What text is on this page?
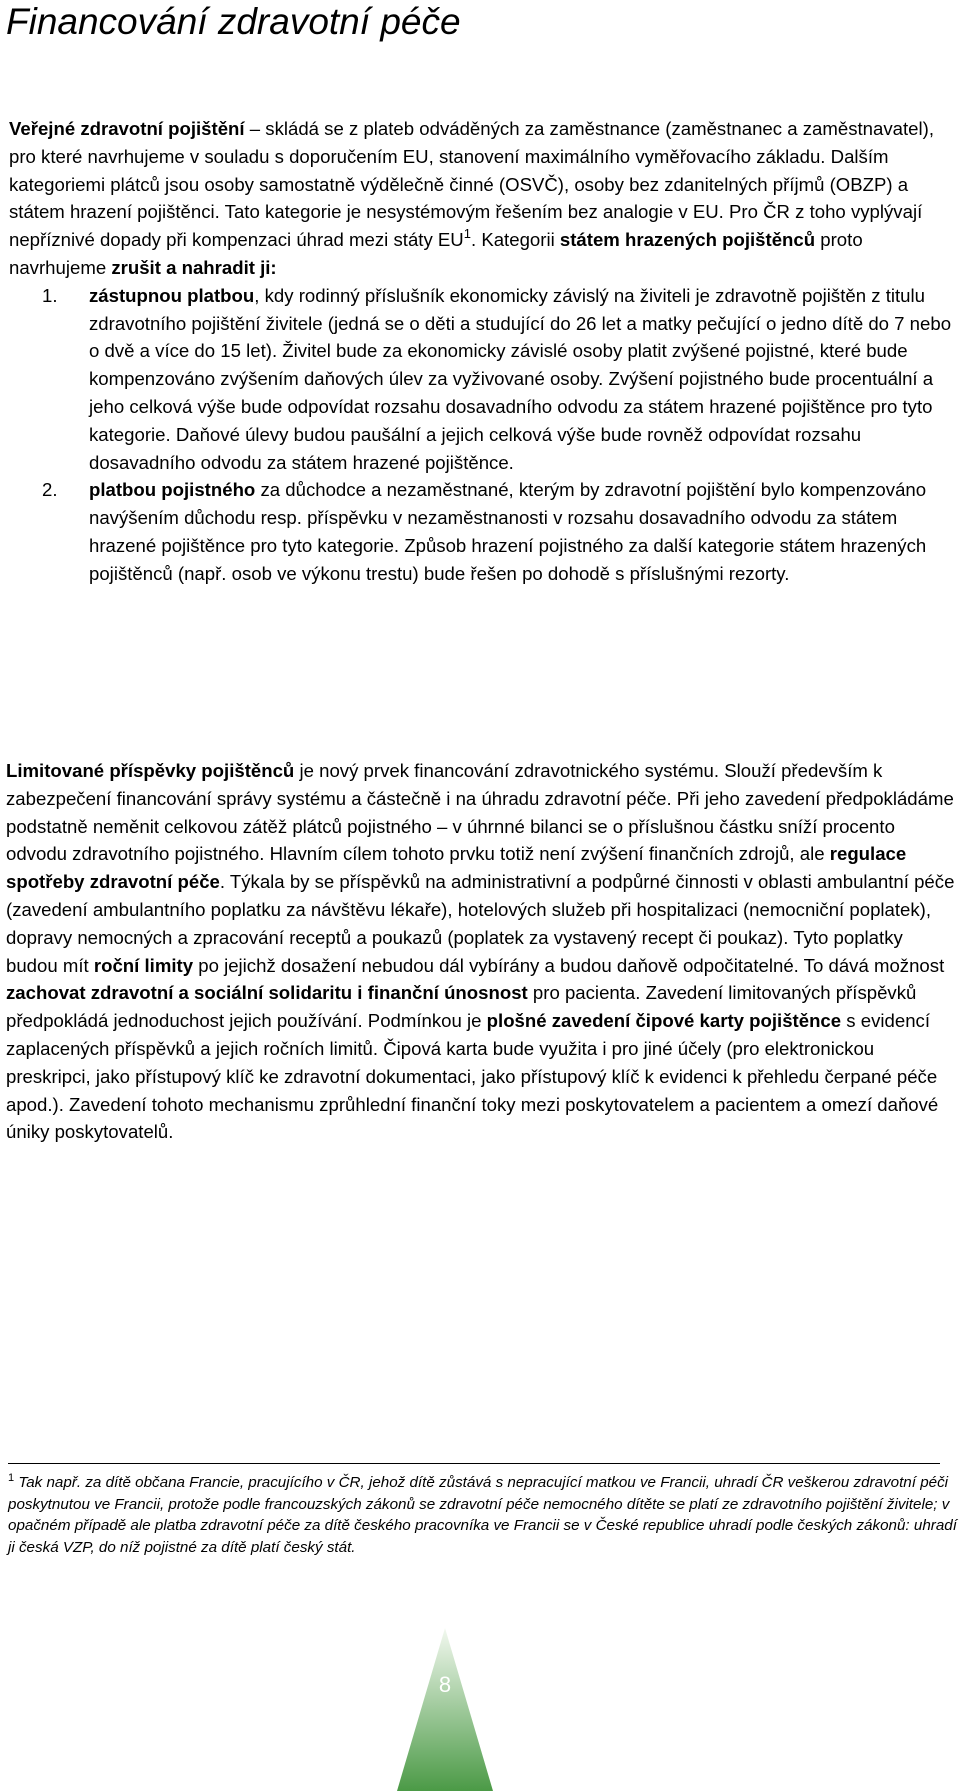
Financování zdravotní péče

Veřejné zdravotní pojištění – skládá se z plateb odváděných za zaměstnance (zaměstnanec a zaměstnavatel), pro které navrhujeme v souladu s doporučením EU, stanovení maximálního vyměřovacího základu. Dalším kategoriemi plátců jsou osoby samostatně výdělečně činné (OSVČ), osoby bez zdanitelných příjmů (OBZP) a státem hrazení pojištěnci. Tato kategorie je nesystémovým řešením bez analogie v EU. Pro ČR z toho vyplývají nepříznivé dopady při kompenzaci úhrad mezi státy $EU^1$. Kategorii státem hrazených pojištěnců proto navrhujeme zrušit a nahradit ji:

1. zástupnou platbou, kdy rodinný příslušník ekonomicky závislý na živiteli je zdravotně pojištěn z titulu zdravotního pojištění živitele (jedná se o děti a studující do 26 let a matky pečující o jedno dítě do 7 nebo o dvě a více do 15 let). Živitel bude za ekonomicky závislé osoby platit zvýšené pojistné, které bude kompenzováno zvýšením daňových úlev za vyživované osoby. Zvýšení pojistného bude procentuální a jeho celková výše bude odpovídat rozsahu dosavadního odvodu za státem hrazené pojištěnce pro tyto kategorie. Daňové úlevy budou paušální a jejich celková výše bude rovněž odpovídat rozsahu dosavadního odvodu za státem hrazené pojištěnce.
2. platbou pojistného za důchodce a nezaměstnané, kterým by zdravotní pojištění bylo kompenzováno navýšením důchodu resp. příspěvku v nezaměstnanosti v rozsahu dosavadního odvodu za státem hrazené pojištěnce pro tyto kategorie. Způsob hrazení pojistného za další kategorie státem hrazených pojištěnců (např. osob ve výkonu trestu) bude řešen po dohodě s příslušnými rezorty.

Limitované příspěvky pojištěnců je nový prvek financování zdravotnického systému. Slouží především k zabezpečení financování správy systému a částečně i na úhradu zdravotní péče. Při jeho zavedení předpokládáme podstatně neměnit celkovou zátěž plátců pojistného – v úhrnné bilanci se o příslušnou částku sníží procento odvodu zdravotního pojistného. Hlavním cílem tohoto prvku totiž není zvýšení finančních zdrojů, ale regulace spotřeby zdravotní péče. Týkala by se příspěvků na administrativní a podpůrné činnosti v oblasti ambulantní péče (zavedení ambulantního poplatku za návštěvu lékaře), hotelových služeb při hospitalizaci (nemocniční poplatek), dopravy nemocných a zpracování receptů a poukazů (poplatek za vystavený recept či poukaz). Tyto poplatky budou mít roční limity po jejichž dosažení nebudou dál vybírány a budou daňově odpočitatelné. To dává možnost zachovat zdravotní a sociální solidaritu i finanční únosnost pro pacienta. Zavedení limitovaných příspěvků předpokládá jednoduchost jejich používání. Podmínkou je plošné zavedení čipové karty pojištěnce s evidencí zaplacených příspěvků a jejich ročních limitů. Čipová karta bude využita i pro jiné účely (pro elektronickou preskripci, jako přístupový klíč ke zdravotní dokumentaci, jako přístupový klíč k evidenci k přehledu čerpané péče apod.). Zavedení tohoto mechanismu zprůhlední finanční toky mezi poskytovatelem a pacientem a omezí daňové úniky poskytovatelů.

$^1$ Tak např. za dítě občana Francie, pracujícího v ČR, jehož dítě zůstává s nepracující matkou ve Francii, uhradí ČR veškerou zdravotní péči poskytnutou ve Francii, protože podle francouzských zákonů se zdravotní péče nemocného dítěte se platí ze zdravotního pojištění živitele; v opačném případě ale platba zdravotní péče za dítě českého pracovníka ve Francii se v České republice uhradí podle českých zákonů: uhradí ji česká VZP, do níž pojistné za dítě platí český stát.

8
